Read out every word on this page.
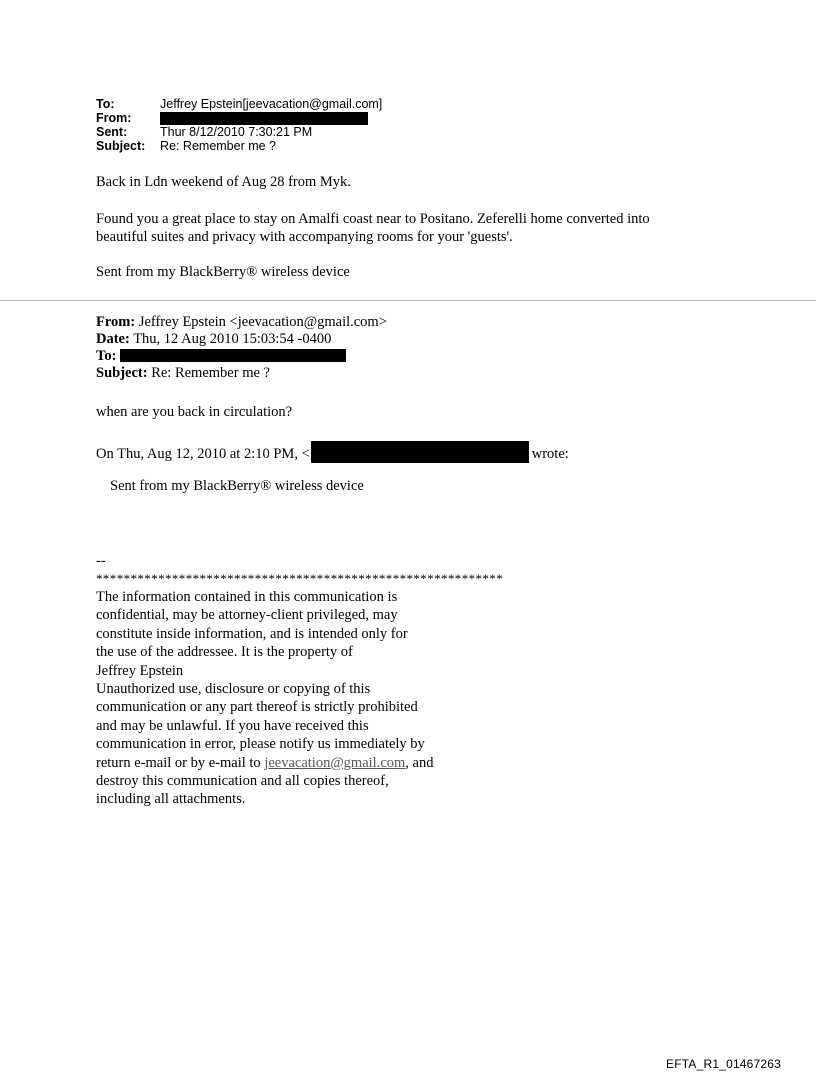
To:	Jeffrey Epstein[jeevacation@gmail.com]
From:
Sent:	Thur 8/12/2010 7:30:21 PM
Subject:	Re: Remember me ?
Back in Ldn weekend of Aug 28 from Myk.
Found you a great place to stay on Amalfi coast near to Positano. Zeferelli home converted into
beautiful suites and privacy with accompanying rooms for your 'guests'.
Sent from my BlackBerry® wireless device
From: Jeffrey Epstein <jeevacation@gmail.com>
Date: Thu, 12 Aug 2010 15:03:54 -0400
To:
Subject: Re: Remember me ?
when are you back in circulation?
On Thu, Aug 12, 2010 at 2:10 PM, <	wrote:
Sent from my BlackBerry® wireless device
--
***********************************************************
The information contained in this communication is
confidential, may be attorney-client privileged, may
constitute inside information, and is intended only for
the use of the addressee. It is the property of
Jeffrey Epstein
Unauthorized use, disclosure or copying of this
communication or any part thereof is strictly prohibited
and may be unlawful. If you have received this
communication in error, please notify us immediately by
return e-mail or by e-mail to jeevacation@gmail.com, and
destroy this communication and all copies thereof,
including all attachments.
EFTA_R1_01467263
